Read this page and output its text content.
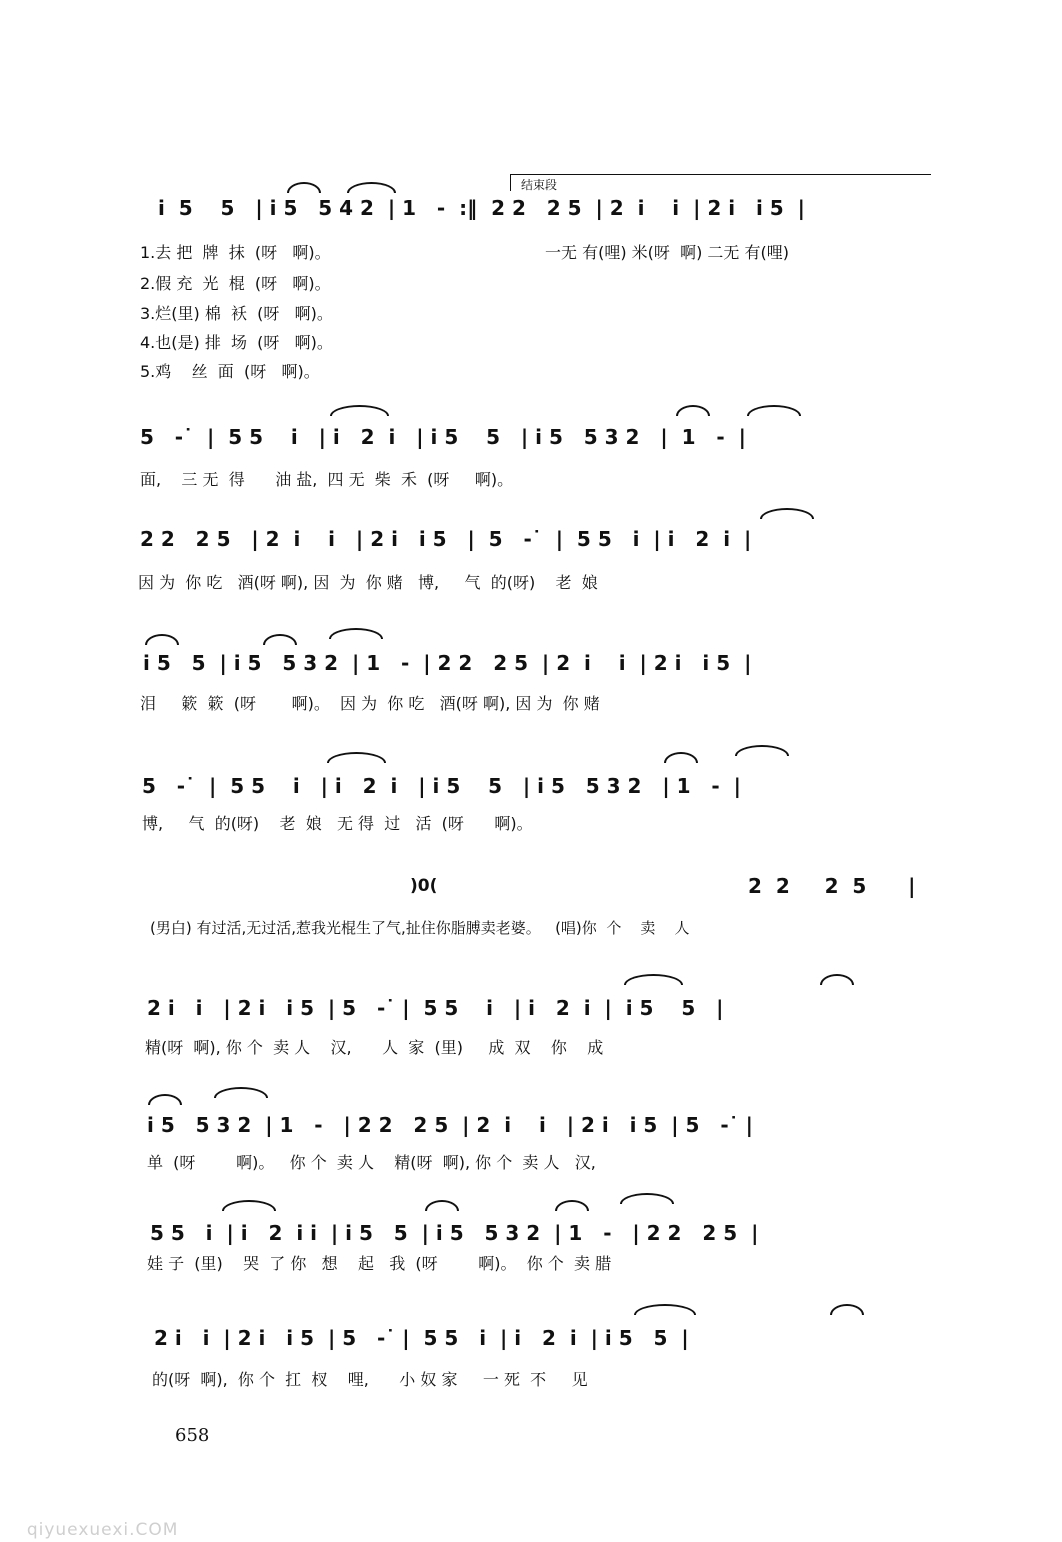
i  5    5   | i 5   5 4 2  | 1   -  :‖  2 2   2 5  | 2  i    i  | 2 i   i 5  |
结束段
1.去 把  牌  抹  (呀   啊)。
2.假 充  光  棍  (呀   啊)。
3.烂(里) 棉  袄  (呀   啊)。
4.也(是) 排  场  (呀   啊)。
5.鸡    丝  面  (呀   啊)。
一无 有(哩) 米(呀  啊) 二无 有(哩)
5   -˙  |  5 5    i   | i   2  i   | i 5    5   | i 5   5 3 2   |  1   -  |
面,    三 无  得      油 盐,  四 无  柴  禾  (呀     啊)。
2 2   2 5   | 2  i    i   | 2 i   i 5   |  5   -˙  |  5 5   i  | i   2  i  |
因 为  你 吃   酒(呀 啊), 因  为  你 赌   博,     气  的(呀)    老  娘
i 5   5  | i 5   5 3 2  | 1   -  | 2 2   2 5  | 2  i    i  | 2 i   i 5  |
泪     簌  簌  (呀       啊)。  因 为  你 吃   酒(呀 啊), 因 为  你 赌
5   -˙  |  5 5    i   | i   2  i   | i 5    5   | i 5   5 3 2   | 1   -  |
博,     气  的(呀)    老  娘   无 得  过   活  (呀      啊)。
)0(	2  2     2  5      |
(男白) 有过活,无过活,惹我光棍生了气,扯住你脂膊卖老婆。   (唱)你  个    卖    人
2 i   i   | 2 i   i 5  | 5   -˙ |  5 5    i   | i   2  i  |  i 5    5   |
精(呀  啊), 你 个  卖 人    汉,      人  家  (里)     成  双    你    成
i 5   5 3 2  | 1   -   | 2 2   2 5  | 2  i    i   | 2 i   i 5  | 5   -˙ |
单  (呀        啊)。   你 个  卖 人    精(呀  啊), 你 个  卖 人   汉,
5 5   i  | i   2  i i  | i 5   5  | i 5   5 3 2  | 1   -   | 2 2   2 5  |
娃 子  (里)    哭  了 你   想    起   我  (呀        啊)。  你 个  卖 腊
2 i   i  | 2 i   i 5  | 5   -˙ |  5 5   i  | i   2  i  | i 5   5  |
的(呀  啊),  你 个  扛  杈    哩,      小 奴 家     一 死  不     见
658

qiyuexuexi.COM
